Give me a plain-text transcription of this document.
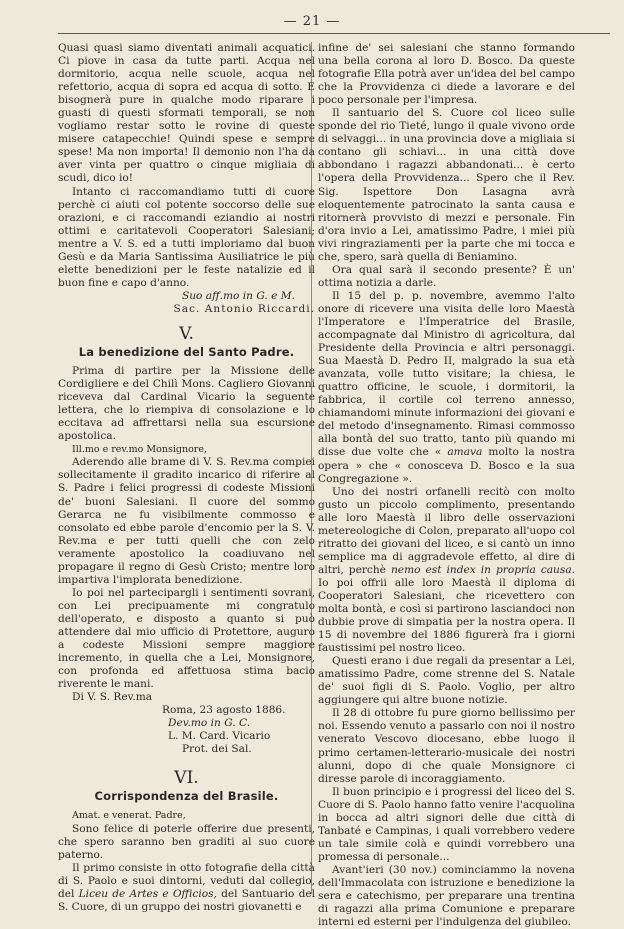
— 21 —

Quasi quasi siamo diventati animali acquatici. Ci piove in casa da tutte parti. Acqua nel dormitorio, acqua nelle scuole, acqua nel refettorio, acqua di sopra ed acqua di sotto. E bisognerà pure in qualche modo riparare i guasti di questi sformati temporali, se non vogliamo restar sotto le rovine di queste misere catapecchie! Quindi spese e sempre spese! Ma non importa! Il demonio non l'ha da aver vinta per quattro o cinque migliaia di scudi, dico io!

Intanto ci raccomandiamo tutti di cuore perchè ci aiuti col potente soccorso delle sue orazioni, e ci raccomandi eziandio ai nostri ottimi e caritatevoli Cooperatori Salesiani; mentre a V. S. ed a tutti imploriamo dal buon Gesù e da Maria Santissima Ausiliatrice le più elette benedizioni per le feste natalizie ed il buon fine e capo d'anno.

Suo aff.mo in G. e M.

Sac. Antonio Riccardi.

V.
La benedizione del Santo Padre.

Prima di partire per la Missione delle Cordigliere e del Chilì Mons. Cagliero Giovanni riceveva dal Cardinal Vicario la seguente lettera, che lo riempiva di consolazione e lo eccitava ad affrettarsi nella sua escursione apostolica.

Ill.mo e rev.mo Monsignore,

Aderendo alle brame di V. S. Rev.ma compiei sollecitamente il gradito incarico di riferire al S. Padre i felici progressi di codeste Missioni de' buoni Salesiani. Il cuore del sommo Gerarca ne fu visibilmente commosso e consolato ed ebbe parole d'encomio per la S. V. Rev.ma e per tutti quelli che con zelo veramente apostolico la coadiuvano nel propagare il regno di Gesù Cristo; mentre loro impartiva l'implorata benedizione.

Io poi nel partecipargli i sentimenti sovrani, con Lei precipuamente mi congratulo dell'operato, e disposto a quanto si può attendere dal mio ufficio di Protettore, auguro a codeste Missioni sempre maggiore incremento, in quella che a Lei, Monsignore, con profonda ed affettuosa stima bacio riverente le mani.

Di V. S. Rev.ma

Roma, 23 agosto 1886.

Dev.mo in G. C.
L. M. Card. Vicario
Prot. dei Sal.
VI.
Corrispondenza del Brasile.

Amat. e venerat. Padre,

Sono felice di poterle offerire due presenti, che spero saranno ben graditi al suo cuore paterno.

Il primo consiste in otto fotografie della città di S. Paolo e suoi dintorni, veduti dal collegio, del Liceu de Artes e Officios, del Santuario del S. Cuore, di un gruppo dei nostri giovanetti e

infine de' sei salesiani che stanno formando una bella corona al loro D. Bosco. Da queste fotografie Ella potrà aver un'idea del bel campo che la Provvidenza ci diede a lavorare e del poco personale per l'impresa.

Il santuario del S. Cuore col liceo sulle sponde del rio Tieté, lungo il quale vivono orde di selvaggi... in una provincia dove a migliaia si contano gli schiavi... in una città dove abbondano i ragazzi abbandonati... è certo l'opera della Provvidenza... Spero che il Rev. Sig. Ispettore Don Lasagna avrà eloquentemente patrocinato la santa causa e ritornerà provvisto di mezzi e personale. Fin d'ora invio a Lei, amatissimo Padre, i miei più vivi ringraziamenti per la parte che mi tocca e che, spero, sarà quella di Beniamino.

Ora qual sarà il secondo presente? È un' ottima notizia a darle.

Il 15 del p. p. novembre, avemmo l'alto onore di ricevere una visita delle loro Maestà l'Imperatore e l'Imperatrice del Brasile, accompagnate dal Ministro di agricoltura, dal Presidente della Provincia e altri personaggi. Sua Maestà D. Pedro II, malgrado la sua età avanzata, volle tutto visitare; la chiesa, le quattro officine, le scuole, i dormitorii, la fabbrica, il cortile col terreno annesso, chiamandomi minute informazioni dei giovani e del metodo d'insegnamento. Rimasi commosso alla bontà del suo tratto, tanto più quando mi disse due volte che « amava molto la nostra opera » che « conosceva D. Bosco e la sua Congregazione ».

Uno dei nostri orfanelli recitò con molto gusto un piccolo complimento, presentando alle loro Maestà il libro delle osservazioni metereologiche di Colon, preparato all'uopo col ritratto dei giovani del liceo, e si cantò un inno semplice ma di aggradevole effetto, al dire di altri, perchè nemo est index in propria causa. Io poi offrii alle loro Maestà il diploma di Cooperatori Salesiani, che ricevettero con molta bontà, e così si partirono lasciandoci non dubbie prove di simpatia per la nostra opera. Il 15 di novembre del 1886 figurerà fra i giorni faustissimi pel nostro liceo.

Questi erano i due regali da presentar a Lei, amatissimo Padre, come strenne del S. Natale de' suoi figli di S. Paolo. Voglio, per altro aggiungere qui altre buone notizie.

Il 28 di ottobre fu pure giorno bellissimo per noi. Essendo venuto a passarlo con noi il nostro venerato Vescovo diocesano, ebbe luogo il primo certamen-letterario-musicale dei nostri alunni, dopo di che quale Monsignore ci diresse parole di incoraggiamento.

Il buon principio e i progressi del liceo del S. Cuore di S. Paolo hanno fatto venire l'acquolina in bocca ad altri signori delle due città di Tanbaté e Campinas, i quali vorrebbero vedere un tale simile colà e quindi vorrebbero una promessa di personale...

Avant'ieri (30 nov.) cominciammo la novena dell'Immacolata con istruzione e benedizione la sera e catechismo, per preparare una trentina di ragazzi alla prima Comunione e preparare interni ed esterni per l'indulgenza del giubileo.
